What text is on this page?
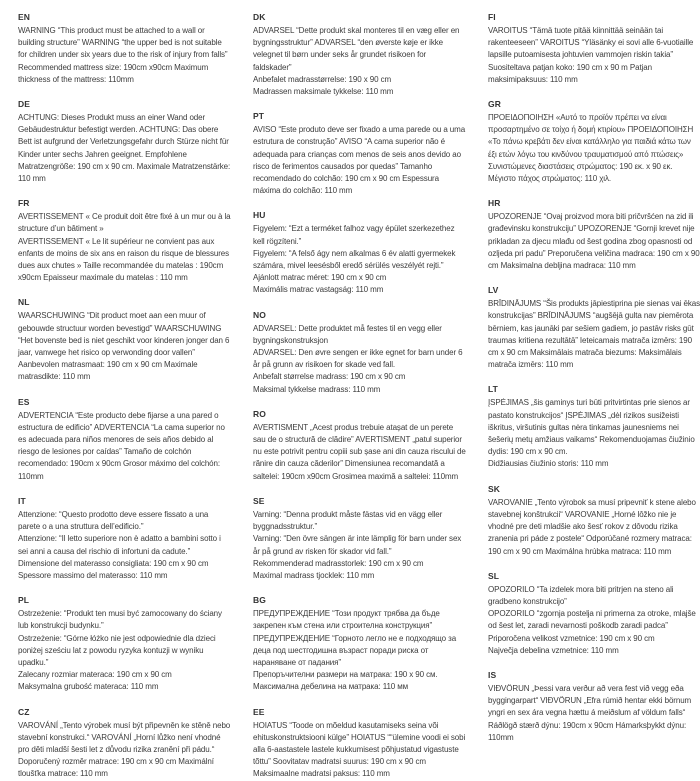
EN

WARNING “This product must be attached to a wall or building structure” WARNING “the upper bed is not suitable for children under six years due to the risk of injury from falls” Recommended mattress size: 190cm x90cm Maximum thickness of the mattress: 110mm

DE

ACHTUNG: Dieses Produkt muss an einer Wand oder Gebäudestruktur befestigt werden. ACHTUNG: Das obere Bett ist aufgrund der Verletzungsgefahr durch Stürze nicht für Kinder unter sechs Jahren geeignet. Empfohlene Matratzengröße: 190 cm x 90 cm. Maximale Matratzenstärke: 110 mm

FR

AVERTISSEMENT « Ce produit doit être fixé à un mur ou à la structure d’un bâtiment »

AVERTISSEMENT « Le lit supérieur ne convient pas aux enfants de moins de six ans en raison du risque de blessures dues aux chutes » Taille recommandée du matelas : 190cm x90cm Epaisseur maximale du matelas : 110 mm

NL

WAARSCHUWING “Dit product moet aan een muur of gebouwde structuur worden bevestigd” WAARSCHUWING “Het bovenste bed is niet geschikt voor kinderen jonger dan 6 jaar, vanwege het risico op verwonding door vallen” Aanbevolen matrasmaat: 190 cm x 90 cm Maximale matrasdikte: 110 mm

ES

ADVERTENCIA “Este producto debe fijarse a una pared o estructura de edificio” ADVERTENCIA “La cama superior no es adecuada para niños menores de seis años debido al riesgo de lesiones por caídas” Tamaño de colchón recomendado: 190cm x 90cm Grosor máximo del colchón: 110mm

IT

Attenzione: “Questo prodotto deve essere fissato a una parete o a una struttura dell’edificio.”

Attenzione: “Il letto superiore non è adatto a bambini sotto i sei anni a causa del rischio di infortuni da cadute.”

Dimensione del materasso consigliata: 190 cm x 90 cm

Spessore massimo del materasso: 110 mm

PL

Ostrzeżenie: “Produkt ten musi być zamocowany do ściany lub konstrukcji budynku.”

Ostrzeżenie: “Górne łóżko nie jest odpowiednie dla dzieci poniżej sześciu lat z powodu ryzyka kontuzji w wyniku upadku.”

Zalecany rozmiar materaca: 190 cm x 90 cm

Maksymalna grubość materaca: 110 mm

CZ

VAROVÁNÍ „Tento výrobek musí být připevněn ke stěně nebo stavební konstrukci.“ VAROVÁNÍ „Horní lůžko není vhodné pro děti mladší šesti let z důvodu rizika zranění při pádu.“ Doporučený rozměr matrace: 190 cm x 90 cm Maximální tloušťka matrace: 110 mm

DK

ADVARSEL “Dette produkt skal monteres til en væg eller en bygningsstruktur” ADVARSEL “den øverste køje er ikke velegnet til børn under seks år grundet risikoen for faldskader”

Anbefalet madrasstørrelse: 190 x 90 cm

Madrassen maksimale tykkelse: 110 mm

PT

AVISO “Este produto deve ser fixado a uma parede ou a uma estrutura de construção” AVISO “A cama superior não é adequada para crianças com menos de seis anos devido ao risco de ferimentos causados por quedas” Tamanho recomendado do colchão: 190 cm x 90 cm Espessura máxima do colchão: 110 mm

HU

Figyelem: “Ezt a terméket falhoz vagy épület szerkezethez kell rögzíteni.”

Figyelem: “A felső ágy nem alkalmas 6 év alatti gyermekek számára, mivel leesésből eredő sérülés veszélyét rejti.”

Ajánlott matrac méret: 190 cm x 90 cm

Maximális matrac vastagság: 110 mm

NO

ADVARSEL: Dette produktet må festes til en vegg eller bygningskonstruksjon

ADVARSEL: Den øvre sengen er ikke egnet for barn under 6 år på grunn av risikoen for skade ved fall.

Anbefalt størrelse madrass: 190 cm x 90 cm

Maksimal tykkelse madrass: 110 mm

RO

AVERTISMENT „Acest produs trebuie atașat de un perete sau de o structură de clădire” AVERTISMENT „patul superior nu este potrivit pentru copiii sub șase ani din cauza riscului de rănire din cauza căderilor” Dimensiunea recomandată a saltelei: 190cm x90cm Grosimea maximă a saltelei: 110mm

SE

Varning: “Denna produkt måste fästas vid en vägg eller byggnadsstruktur.”

Varning: “Den övre sängen är inte lämplig för barn under sex år på grund av risken för skador vid fall.”

Rekommenderad madrasstorlek: 190 cm x 90 cm

Maximal madrass tjocklek: 110 mm

BG

ПРЕДУПРЕЖДЕНИЕ “Този продукт трябва да бъде закрепен към стена или строителна конструкция” ПРЕДУПРЕЖДЕНИЕ “Горното легло не е подходящо за деца под шестгодишна възраст поради риска от нараняване от падания”

Препоръчителни размери на матрака: 190 x 90 см.

Максимална дебелина на матрака: 110 мм

EE

HOIATUS “Toode on mõeldud kasutamiseks seina või ehituskonstruktsiooni külge” HOIATUS ““ülemine voodi ei sobi alla 6-aastastele lastele kukkumisest põhjustatud vigastuste tõttu” Soovitatav madratsi suurus: 190 cm x 90 cm Maksimaalne madratsi paksus: 110 mm

FI

VAROITUS “Tämä tuote pitää kiinnittää seinään tai rakenteeseen” VAROITUS “Yläsänky ei sovi alle 6-vuotiaille lapsille putoamisesta johtuvien vammojen riskin takia” Suositeltava patjan koko: 190 cm x 90 m Patjan maksimipaksuus: 110 mm

GR

ΠΡΟΕΙΔΟΠΟΙΗΣΗ «Αυτό το προϊόν πρέπει να είναι προσαρτημένο σε τοίχο ή δομή κτιρίου» ΠΡΟΕΙΔΟΠΟΙΗΣΗ «Το πάνω κρεβάτι δεν είναι κατάλληλο για παιδιά κάτω των έξι ετών λόγω του κινδύνου τραυματισμού από πτώσεις» Συνιστώμενες διαστάσεις στρώματος: 190 εκ. x 90 εκ. Μέγιστο πάχος στρώματος: 110 χιλ.

HR

UPOZORENJE “Ovaj proizvod mora biti pričvršćen na zid ili građevinsku konstrukciju” UPOZORENJE “Gornji krevet nije prikladan za djecu mlađu od šest godina zbog opasnosti od ozljeda pri padu” Preporučena veličina madraca: 190 cm x 90 cm Maksimalna debljina madraca: 110 mm

LV

BRĪDINĀJUMS “Šis produkts jāpiestiprina pie sienas vai ēkas konstrukcijas” BRĪDINĀJUMS “augšējā gulta nav piemērota bērniem, kas jaunāki par sešiem gadiem, jo pastāv risks gūt traumas kritiena rezultātā” Ieteicamais matrača izmērs: 190 cm x 90 cm Maksimālais matrača biezums: Maksimālais matrača izmērs: 110 mm

LT

ĮSPĖJIMAS „šis gaminys turi būti pritvirtintas prie sienos ar pastato konstrukcijos“ ĮSPĖJIMAS „dėl rizikos susižeisti iškritus, viršutinis gultas nėra tinkamas jaunesniems nei šešerių metų amžiaus vaikams“ Rekomenduojamas čiužinio dydis: 190 cm x 90 cm.

Didžiausias čiužinio storis: 110 mm

SK

VAROVANIE „Tento výrobok sa musí pripevniť k stene alebo stavebnej konštrukcii“ VAROVANIE „Horné lôžko nie je vhodné pre deti mladšie ako šesť rokov z dôvodu rizika zranenia pri páde z postele“ Odporúčané rozmery matraca: 190 cm x 90 cm Maximálna hrúbka matraca: 110 mm

SL

OPOZORILO “Ta izdelek mora biti pritrjen na steno ali gradbeno konstrukcijo”

OPOZORILO “zgornja postelja ni primerna za otroke, mlajše od šest let, zaradi nevarnosti poškodb zaradi padca”

Priporočena velikost vzmetnice: 190 cm x 90 cm

Največja debelina vzmetnice: 110 mm

IS

VIÐVÖRUN „Þessi vara verður að vera fest við vegg eða byggingarpart“ VIÐVÖRUN „Efra rúmið hentar ekki börnum yngri en sex ára vegna hættu á meiðslum af völdum falls“ Ráðlögð stærð dýnu: 190cm x 90cm Hámarksþykkt dýnu: 110mm
